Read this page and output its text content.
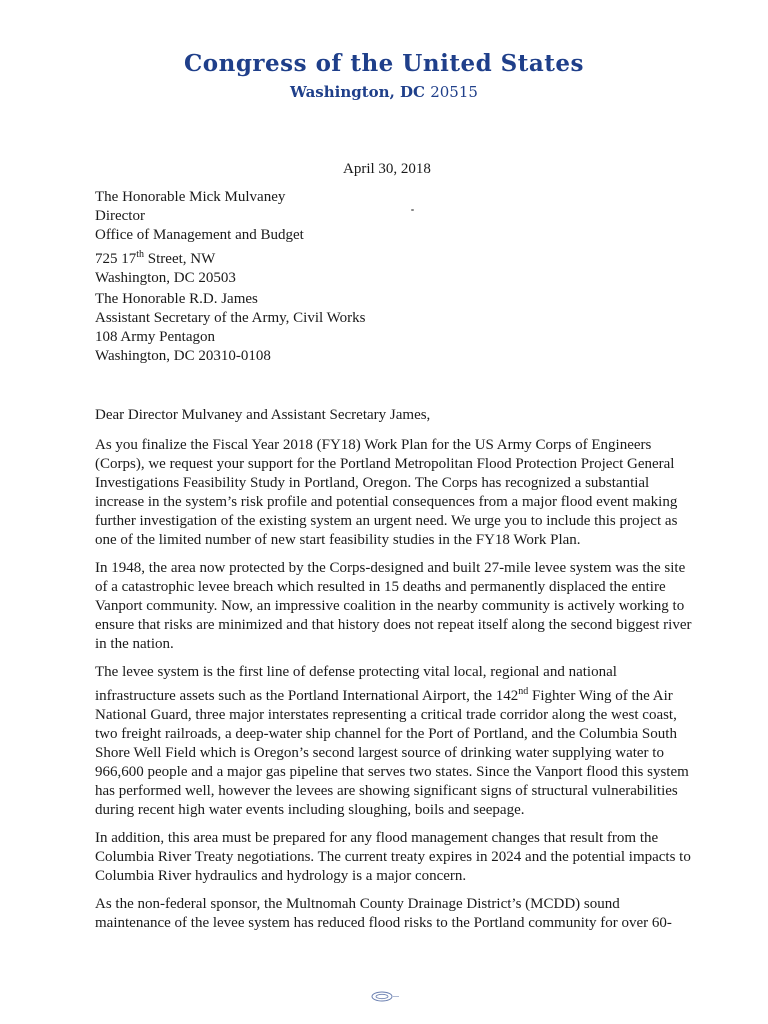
Congress of the United States
Washington, DC 20515
April 30, 2018
The Honorable Mick Mulvaney
Director
Office of Management and Budget
725 17th Street, NW
Washington, DC 20503
The Honorable R.D. James
Assistant Secretary of the Army, Civil Works
108 Army Pentagon
Washington, DC 20310-0108
Dear Director Mulvaney and Assistant Secretary James,

As you finalize the Fiscal Year 2018 (FY18) Work Plan for the US Army Corps of Engineers (Corps), we request your support for the Portland Metropolitan Flood Protection Project General Investigations Feasibility Study in Portland, Oregon. The Corps has recognized a substantial increase in the system’s risk profile and potential consequences from a major flood event making further investigation of the existing system an urgent need. We urge you to include this project as one of the limited number of new start feasibility studies in the FY18 Work Plan.

In 1948, the area now protected by the Corps-designed and built 27-mile levee system was the site of a catastrophic levee breach which resulted in 15 deaths and permanently displaced the entire Vanport community. Now, an impressive coalition in the nearby community is actively working to ensure that risks are minimized and that history does not repeat itself along the second biggest river in the nation.

The levee system is the first line of defense protecting vital local, regional and national infrastructure assets such as the Portland International Airport, the 142nd Fighter Wing of the Air National Guard, three major interstates representing a critical trade corridor along the west coast, two freight railroads, a deep-water ship channel for the Port of Portland, and the Columbia South Shore Well Field which is Oregon’s second largest source of drinking water supplying water to 966,600 people and a major gas pipeline that serves two states. Since the Vanport flood this system has performed well, however the levees are showing significant signs of structural vulnerabilities during recent high water events including sloughing, boils and seepage.

In addition, this area must be prepared for any flood management changes that result from the Columbia River Treaty negotiations. The current treaty expires in 2024 and the potential impacts to Columbia River hydraulics and hydrology is a major concern.

As the non-federal sponsor, the Multnomah County Drainage District’s (MCDD) sound maintenance of the levee system has reduced flood risks to the Portland community for over 60-
